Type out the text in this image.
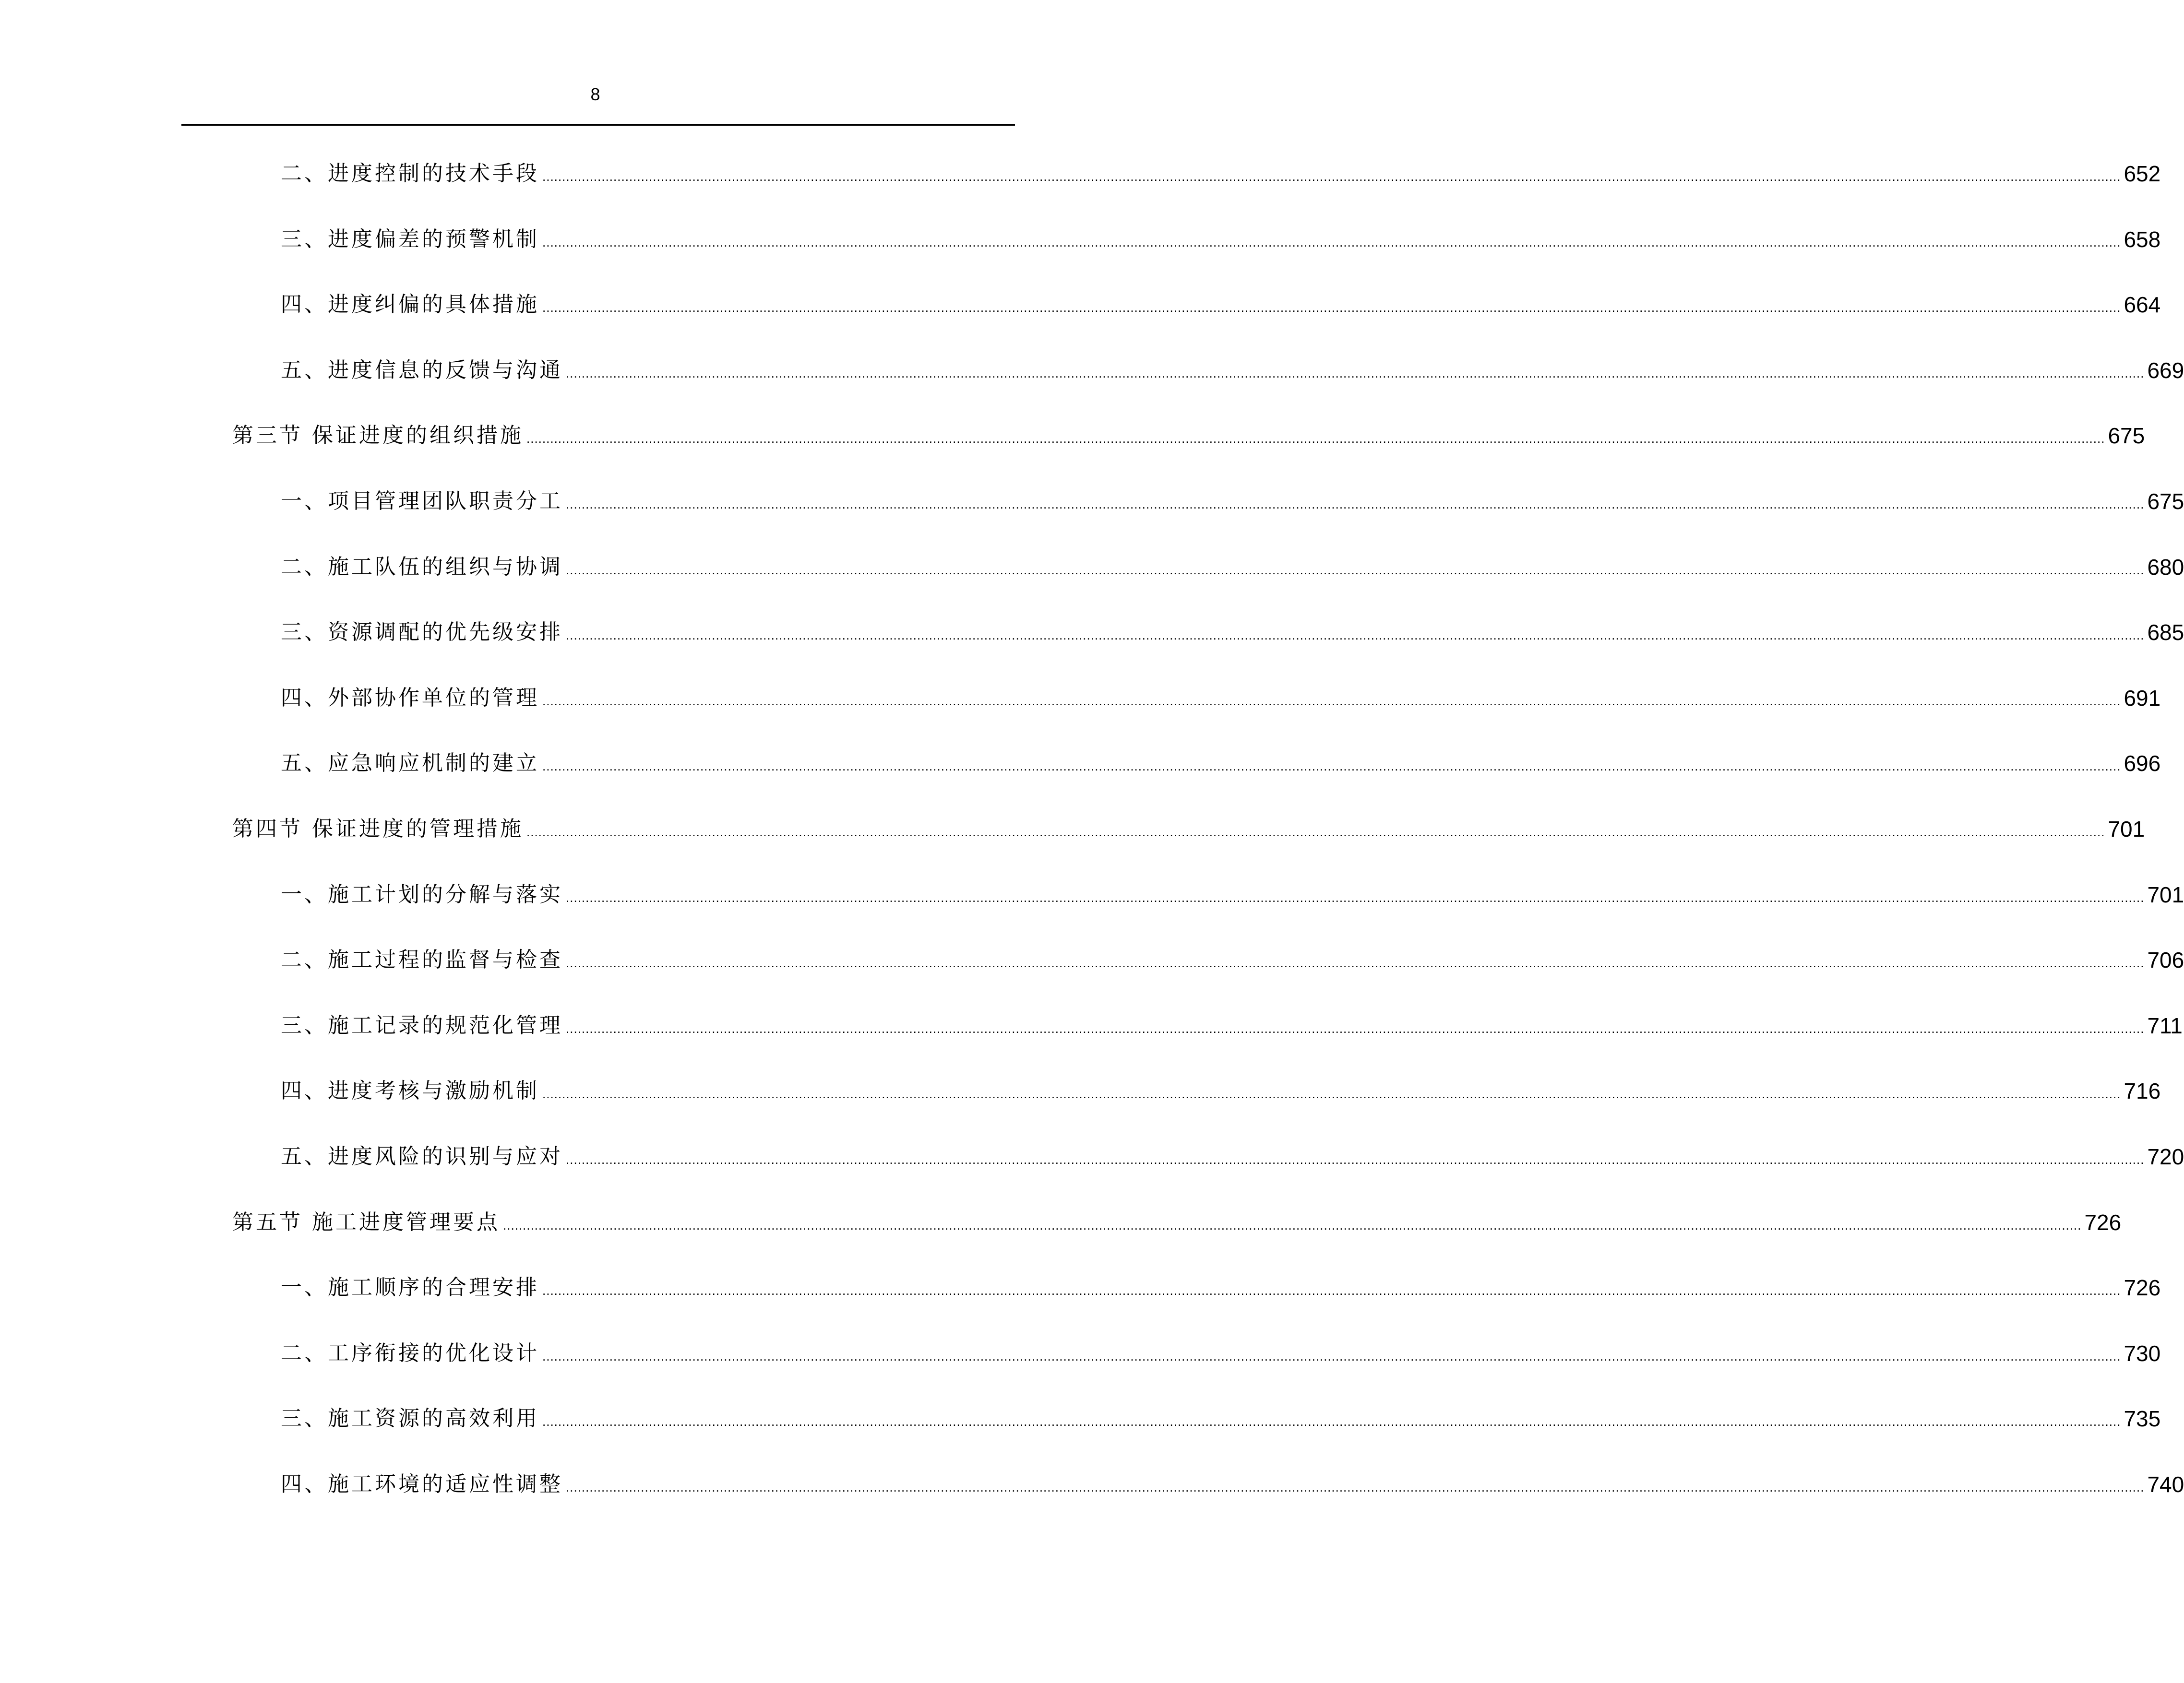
8
二、进度控制的技术手段 ................................................................................................................................................................................................................................................................................................................................................................................................................ 652
三、进度偏差的预警机制 ................................................................................................................................................................................................................................................................................................................................................................................................................ 658
四、进度纠偏的具体措施 ................................................................................................................................................................................................................................................................................................................................................................................................................ 664
五、进度信息的反馈与沟通 ................................................................................................................................................................................................................................................................................................................................................................................................................ 669
第三节 保证进度的组织措施 ................................................................................................................................................................................................................................................................................................................................................................................................................ 675
一、项目管理团队职责分工 ................................................................................................................................................................................................................................................................................................................................................................................................................ 675
二、施工队伍的组织与协调 ................................................................................................................................................................................................................................................................................................................................................................................................................ 680
三、资源调配的优先级安排 ................................................................................................................................................................................................................................................................................................................................................................................................................ 685
四、外部协作单位的管理 ................................................................................................................................................................................................................................................................................................................................................................................................................ 691
五、应急响应机制的建立 ................................................................................................................................................................................................................................................................................................................................................................................................................ 696
第四节 保证进度的管理措施 ................................................................................................................................................................................................................................................................................................................................................................................................................ 701
一、施工计划的分解与落实 ................................................................................................................................................................................................................................................................................................................................................................................................................ 701
二、施工过程的监督与检查 ................................................................................................................................................................................................................................................................................................................................................................................................................ 706
三、施工记录的规范化管理 ................................................................................................................................................................................................................................................................................................................................................................................................................ 711
四、进度考核与激励机制 ................................................................................................................................................................................................................................................................................................................................................................................................................ 716
五、进度风险的识别与应对 ................................................................................................................................................................................................................................................................................................................................................................................................................ 720
第五节 施工进度管理要点 ................................................................................................................................................................................................................................................................................................................................................................................................................ 726
一、施工顺序的合理安排 ................................................................................................................................................................................................................................................................................................................................................................................................................ 726
二、工序衔接的优化设计 ................................................................................................................................................................................................................................................................................................................................................................................................................ 730
三、施工资源的高效利用 ................................................................................................................................................................................................................................................................................................................................................................................................................ 735
四、施工环境的适应性调整 ................................................................................................................................................................................................................................................................................................................................................................................................................ 740
